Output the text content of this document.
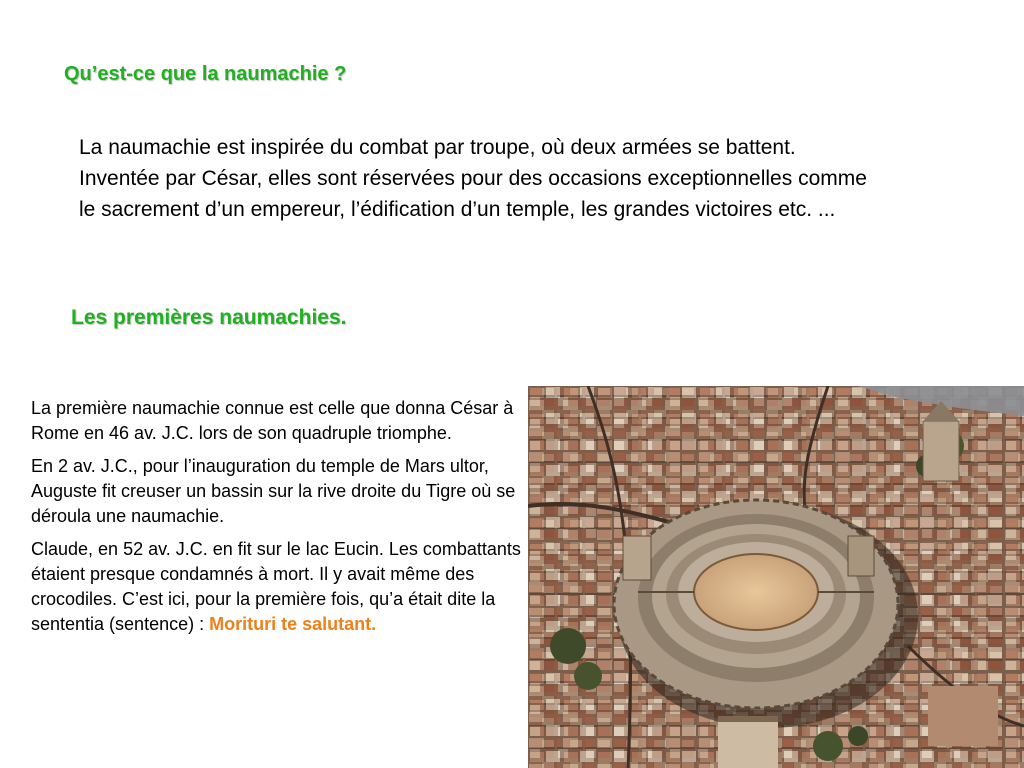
Qu’est-ce que la naumachie ?

La naumachie est inspirée du combat par troupe, où deux armées se battent. Inventée par César, elles sont réservées pour des occasions exceptionnelles comme le sacrement d’un empereur, l’édification d’un temple, les grandes victoires etc. ...

Les premières naumachies.

La première naumachie connue est celle que donna César à Rome en 46 av. J.C. lors de son quadruple triomphe.

En 2 av. J.C., pour l’inauguration du temple de Mars ultor, Auguste fit creuser un bassin sur la rive droite du Tigre où se déroula une naumachie.

Claude, en 52 av. J.C. en fit sur le lac Eucin. Les combattants étaient presque condamnés à mort. Il y avait même des crocodiles. C’est ici, pour la première fois, qu’a était dite la sententia (sentence) : Morituri te salutant.
